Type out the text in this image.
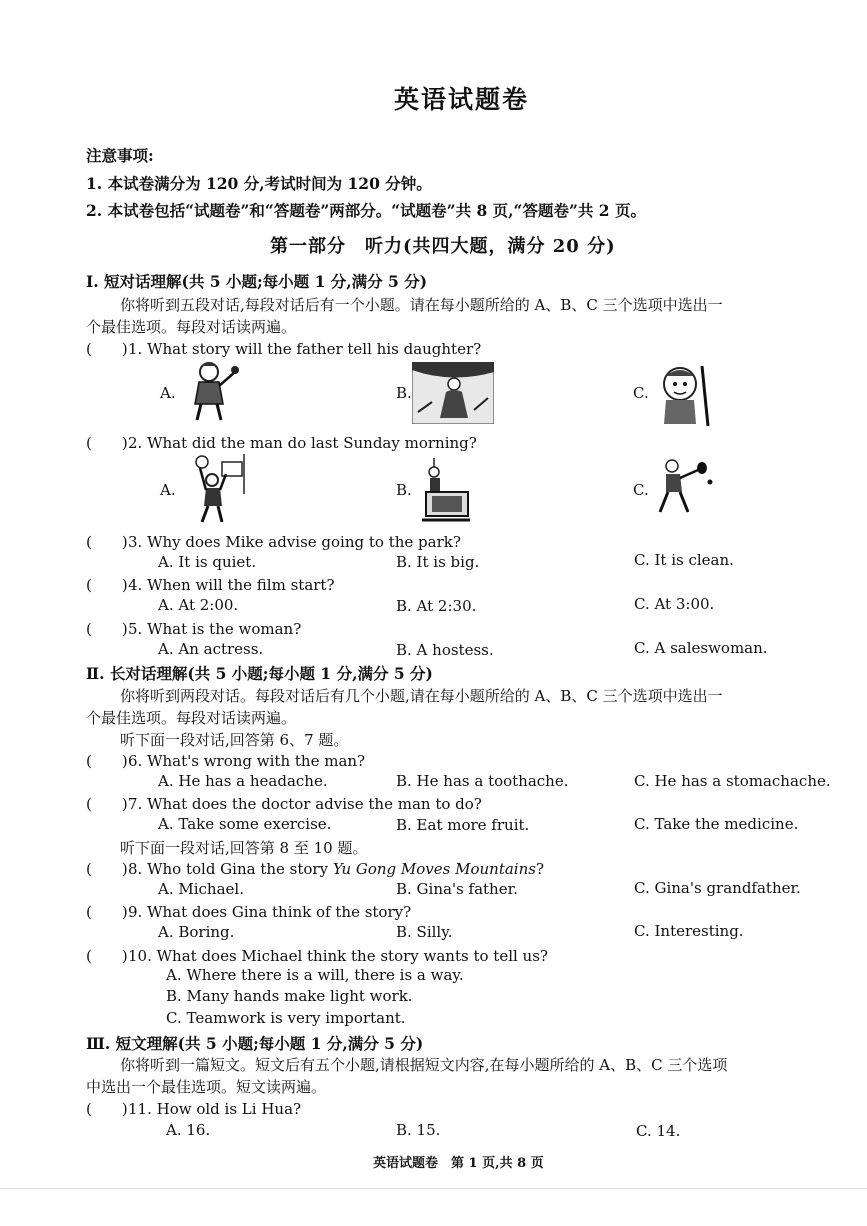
英语试题卷
注意事项:
1. 本试卷满分为 120 分,考试时间为 120 分钟。
2. 本试卷包括“试题卷”和“答题卷”两部分。“试题卷”共 8 页,“答题卷”共 2 页。
第一部分　听力(共四大题，满分 20 分)
Ⅰ. 短对话理解(共 5 小题;每小题 1 分,满分 5 分)
你将听到五段对话,每段对话后有一个小题。请在每小题所给的 A、B、C 三个选项中选出一
个最佳选项。每段对话读两遍。
(　　)1. What story will the father tell his daughter?
A.	B.	C.
(　　)2. What did the man do last Sunday morning?
A.	B.	C.
(　　)3. Why does Mike advise going to the park?
A. It is quiet.	B. It is big.	C. It is clean.
(　　)4. When will the film start?
A. At 2:00.	B. At 2:30.	C. At 3:00.
(　　)5. What is the woman?
A. An actress.	B. A hostess.	C. A saleswoman.
Ⅱ. 长对话理解(共 5 小题;每小题 1 分,满分 5 分)
你将听到两段对话。每段对话后有几个小题,请在每小题所给的 A、B、C 三个选项中选出一
个最佳选项。每段对话读两遍。
听下面一段对话,回答第 6、7 题。
(　　)6. What's wrong with the man?
A. He has a headache.	B. He has a toothache.	C. He has a stomachache.
(　　)7. What does the doctor advise the man to do?
A. Take some exercise.	B. Eat more fruit.	C. Take the medicine.
听下面一段对话,回答第 8 至 10 题。
(　　)8. Who told Gina the story Yu Gong Moves Mountains?
A. Michael.	B. Gina's father.	C. Gina's grandfather.
(　　)9. What does Gina think of the story?
A. Boring.	B. Silly.	C. Interesting.
(　　)10. What does Michael think the story wants to tell us?
A. Where there is a will, there is a way.
B. Many hands make light work.
C. Teamwork is very important.
Ⅲ. 短文理解(共 5 小题;每小题 1 分,满分 5 分)
你将听到一篇短文。短文后有五个小题,请根据短文内容,在每小题所给的 A、B、C 三个选项
中选出一个最佳选项。短文读两遍。
(　　)11. How old is Li Hua?
A. 16.	B. 15.	C. 14.
英语试题卷　第 1 页,共 8 页
